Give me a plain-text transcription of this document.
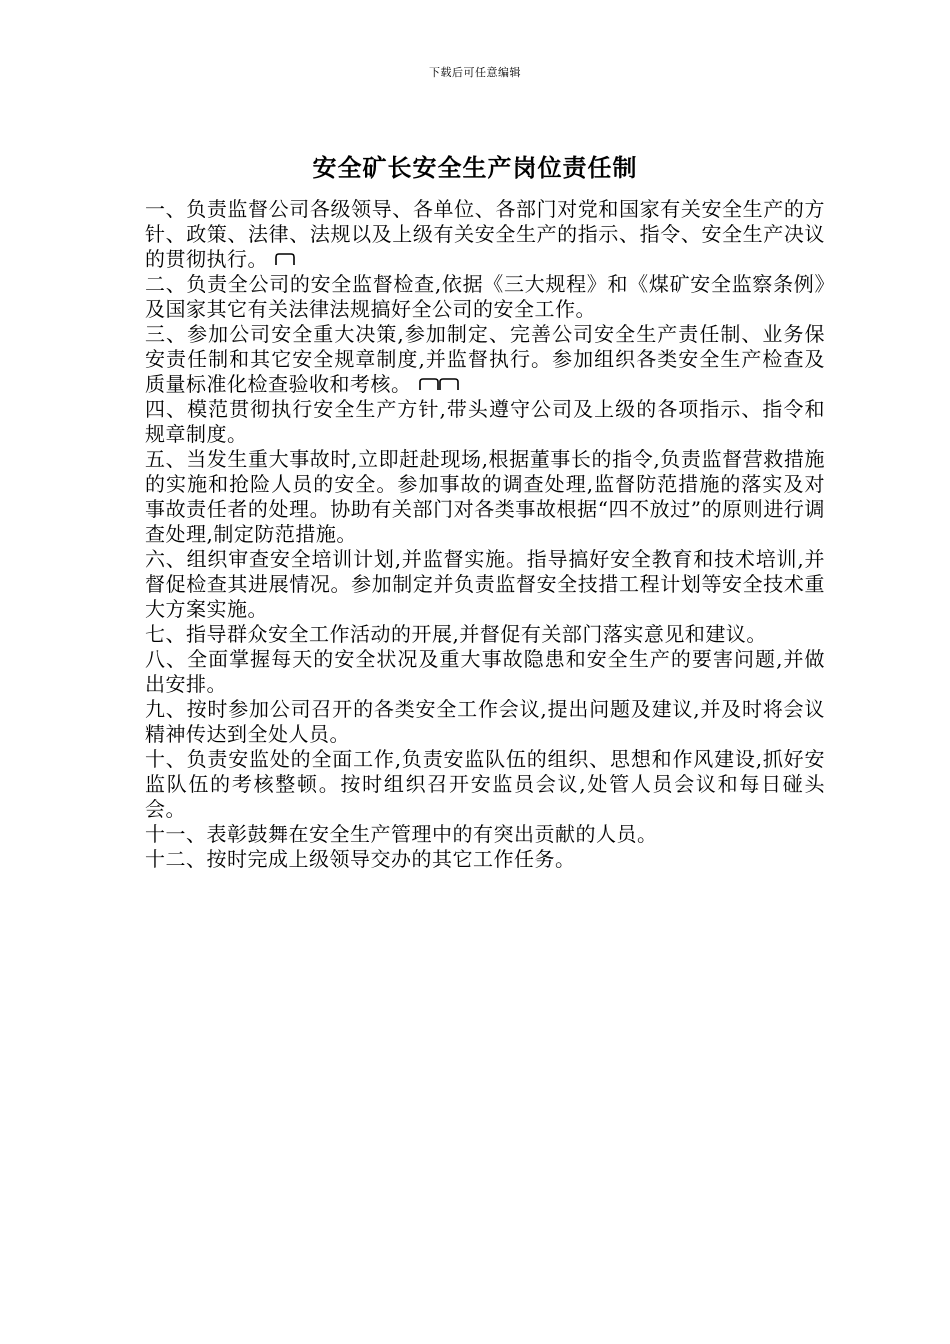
下载后可任意编辑
安全矿长安全生产岗位责任制

一、负责监督公司各级领导、各单位、各部门对党和国家有关安全生产的方针、政策、法律、法规以及上级有关安全生产的指示、指令、安全生产决议的贯彻执行。

二、负责全公司的安全监督检查,依据《三大规程》和《煤矿安全监察条例》及国家其它有关法律法规搞好全公司的安全工作。

三、参加公司安全重大决策,参加制定、完善公司安全生产责任制、业务保安责任制和其它安全规章制度,并监督执行。参加组织各类安全生产检查及质量标准化检查验收和考核。

四、模范贯彻执行安全生产方针,带头遵守公司及上级的各项指示、指令和规章制度。

五、当发生重大事故时,立即赶赴现场,根据董事长的指令,负责监督营救措施的实施和抢险人员的安全。参加事故的调查处理,监督防范措施的落实及对事故责任者的处理。协助有关部门对各类事故根据“四不放过”的原则进行调查处理,制定防范措施。

六、组织审查安全培训计划,并监督实施。指导搞好安全教育和技术培训,并督促检查其进展情况。参加制定并负责监督安全技措工程计划等安全技术重大方案实施。

七、指导群众安全工作活动的开展,并督促有关部门落实意见和建议。

八、全面掌握每天的安全状况及重大事故隐患和安全生产的要害问题,并做出安排。

九、按时参加公司召开的各类安全工作会议,提出问题及建议,并及时将会议精神传达到全处人员。

十、负责安监处的全面工作,负责安监队伍的组织、思想和作风建设,抓好安监队伍的考核整顿。按时组织召开安监员会议,处管人员会议和每日碰头会。

十一、表彰鼓舞在安全生产管理中的有突出贡献的人员。

十二、按时完成上级领导交办的其它工作任务。
